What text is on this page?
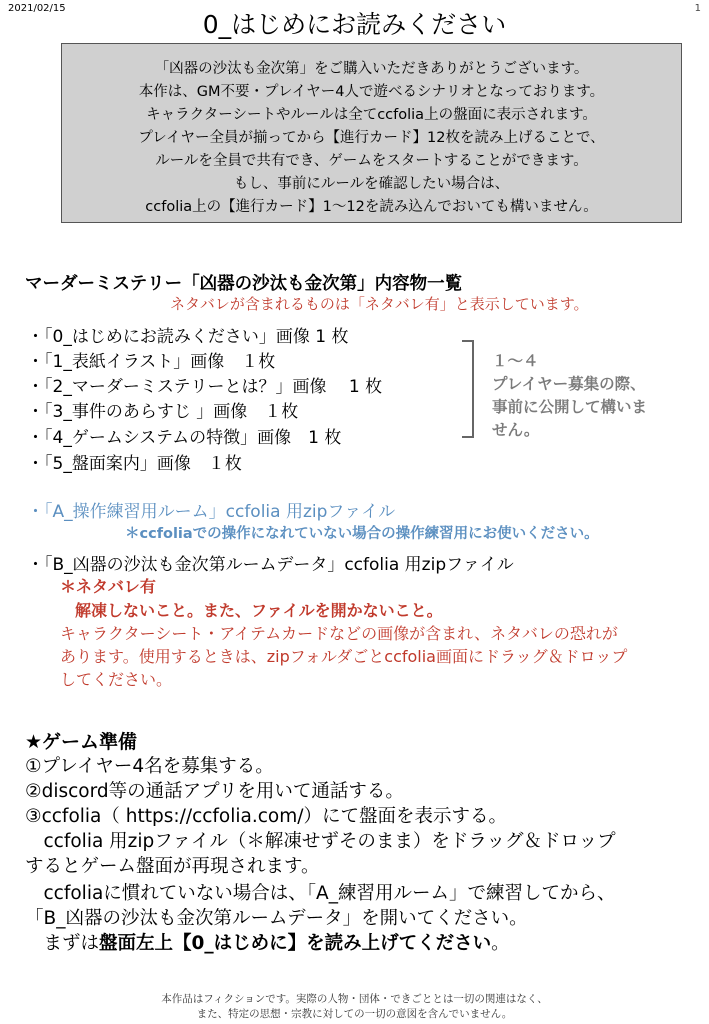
2021/02/15	1
0_はじめにお読みください
「凶器の沙汰も金次第」をご購入いただきありがとうございます。
本作は、GM不要・プレイヤー4人で遊べるシナリオとなっております。
キャラクターシートやルールは全てccfolia上の盤面に表示されます。
プレイヤー全員が揃ってから【進行カード】12枚を読み上げることで、
ルールを全員で共有でき、ゲームをスタートすることができます。
もし、事前にルールを確認したい場合は、
ccfolia上の【進行カード】1〜12を読み込んでおいても構いません。
マーダーミステリー「凶器の沙汰も金次第」内容物一覧
ネタバレが含まれるものは「ネタバレ有」と表示しています。
・「0_はじめにお読みください」画像 1 枚
・「1_表紙イラスト」画像　１枚
・「2_マーダーミステリーとは？」画像　 1 枚
・「3_事件のあらすじ 」画像　１枚
・「4_ゲームシステムの特徴」画像　1 枚
・「5_盤面案内」画像　１枚
１～４
プレイヤー募集の際、
事前に公開して構いま
せん。
・「A_操作練習用ルーム」ccfolia 用zipファイル
＊ccfoliaでの操作になれていない場合の操作練習用にお使いください。
・「B_凶器の沙汰も金次第ルームデータ」ccfolia 用zipファイル
＊ネタバレ有
解凍しないこと。また、ファイルを開かないこと。
キャラクターシート・アイテムカードなどの画像が含まれ、ネタバレの恐れが
あります。使用するときは、zipフォルダごとccfolia画面にドラッグ＆ドロップ
してください。
★ゲーム準備
①プレイヤー4名を募集する。
②discord等の通話アプリを用いて通話する。
③ccfolia（ https://ccfolia.com/）にて盤面を表示する。
　ccfolia 用zipファイル（＊解凍せずそのまま）をドラッグ＆ドロップ
するとゲーム盤面が再現されます。
　ccfoliaに慣れていない場合は、「A_練習用ルーム」で練習してから、
「B_凶器の沙汰も金次第ルームデータ」を開いてください。
　まずは盤面左上【0_はじめに】を読み上げてください。
本作品はフィクションです。実際の人物・団体・できごととは一切の関連はなく、
また、特定の思想・宗教に対しての一切の意図を含んでいません。
